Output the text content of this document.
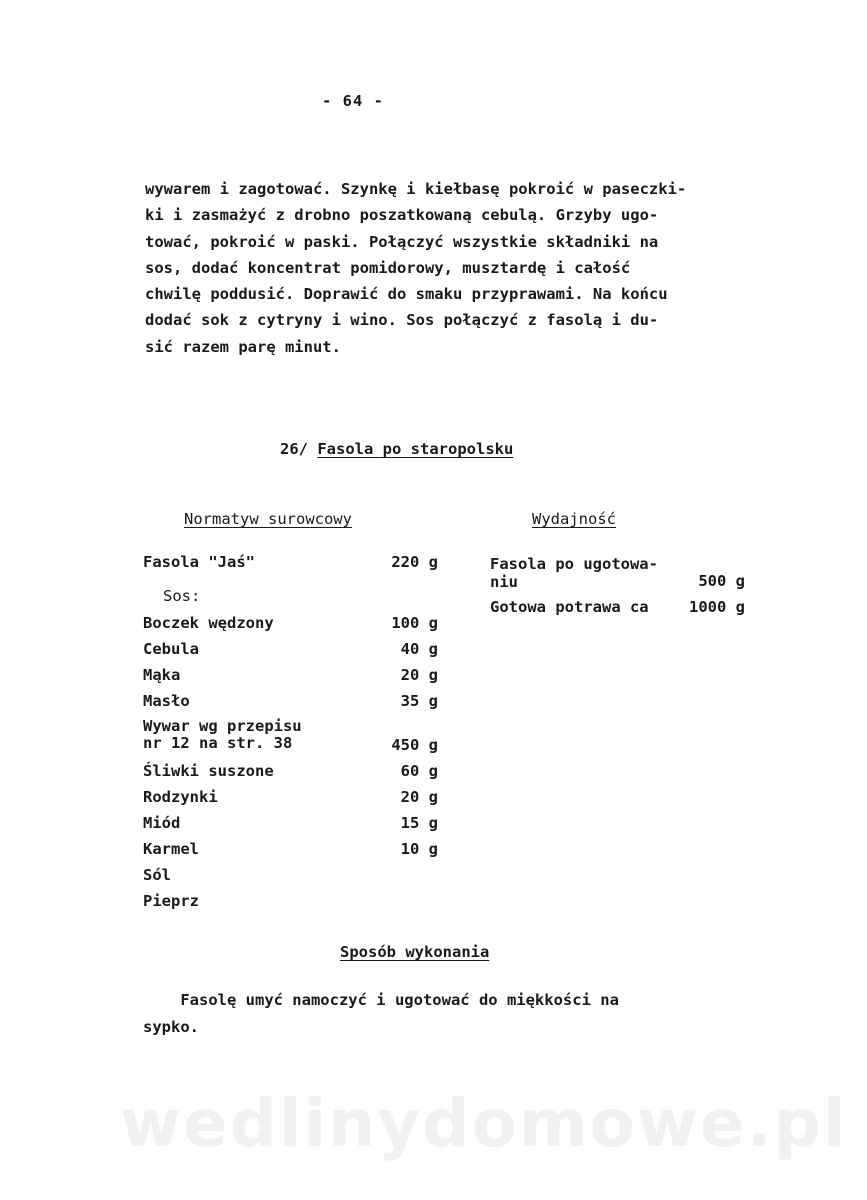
- 64 -
wywarem i zagotować. Szynkę i kiełbasę pokroić w paseczki-
ki i zasmażyć z drobno poszatkowaną cebulą. Grzyby ugo-
tować, pokroić w paski. Połączyć wszystkie składniki na
sos, dodać koncentrat pomidorowy, musztardę i całość
chwilę poddusić. Doprawić do smaku przyprawami. Na końcu
dodać sok z cytryny i wino. Sos połączyć z fasolą i du-
sić razem parę minut.
26/ Fasola po staropolsku
Normatyw surowcowy	Wydajność
Fasola "Jaś"	220 g
Sos:
Boczek wędzony	100 g
Cebula	40 g
Mąka	20 g
Masło	35 g
Wywar wg przepisu
nr 12 na str. 38	450 g
Śliwki suszone	60 g
Rodzynki	20 g
Miód	15 g
Karmel	10 g
Sól
Pieprz
Fasola po ugotowa-
niu	500 g
Gotowa potrawa ca	1000 g
Sposób wykonania
Fasolę umyć namoczyć i ugotować do miękkości na
sypko.
wedlinydomowe.pl
